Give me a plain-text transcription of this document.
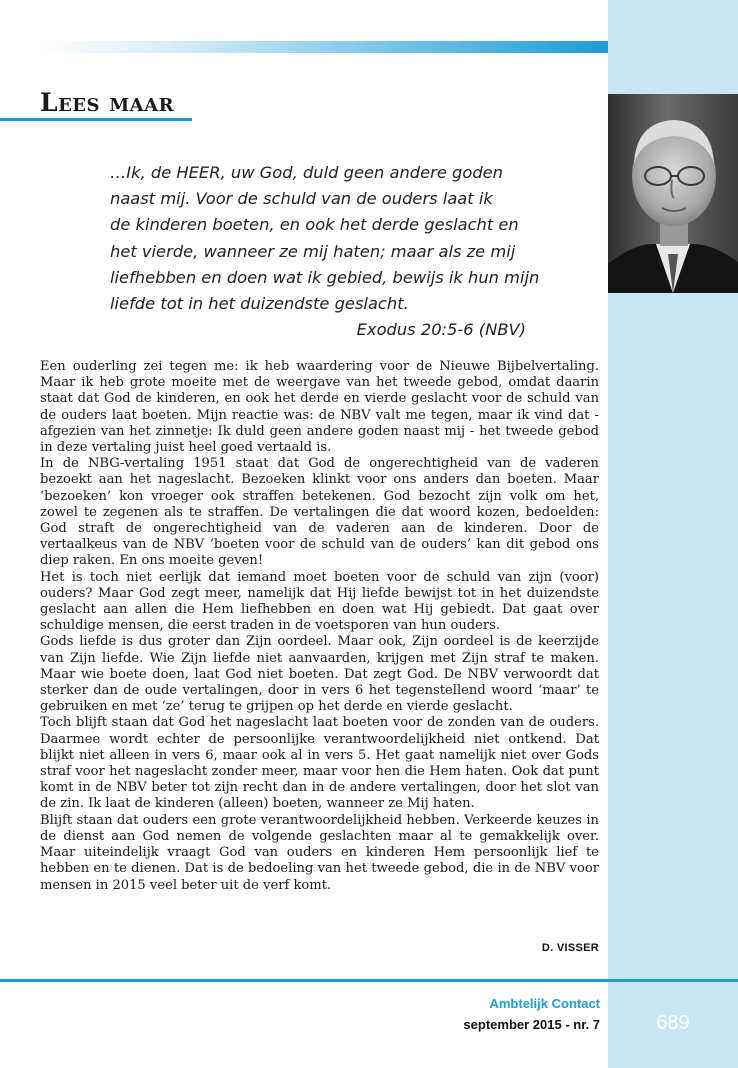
Lees maar

…Ik, de HEER, uw God, duld geen andere goden

naast mij. Voor de schuld van de ouders laat ik

de kinderen boeten, en ook het derde geslacht en

het vierde, wanneer ze mij haten; maar als ze mij

liefhebben en doen wat ik gebied, bewijs ik hun mijn

liefde tot in het duizendste geslacht.

Exodus 20:5-6 (NBV)

Een ouderling zei tegen me: ik heb waardering voor de Nieuwe Bijbelvertaling. Maar ik heb grote moeite met de weergave van het tweede gebod, omdat daarin staat dat God de kinderen, en ook het derde en vierde geslacht voor de schuld van de ouders laat boeten. Mijn reactie was: de NBV valt me tegen, maar ik vind dat - afgezien van het zinnetje: Ik duld geen andere goden naast mij - het tweede gebod in deze vertaling juist heel goed vertaald is.

In de NBG-vertaling 1951 staat dat God de ongerechtigheid van de vaderen bezoekt aan het nageslacht. Bezoeken klinkt voor ons anders dan boeten. Maar ‘bezoeken’ kon vroeger ook straffen betekenen. God bezocht zijn volk om het, zowel te zegenen als te straffen. De vertalingen die dat woord kozen, bedoelden: God straft de ongerechtigheid van de vaderen aan de kinderen. Door de vertaalkeus van de NBV ‘boeten voor de schuld van de ouders’ kan dit gebod ons diep raken. En ons moeite geven!

Het is toch niet eerlijk dat iemand moet boeten voor de schuld van zijn (voor) ouders? Maar God zegt meer, namelijk dat Hij liefde bewijst tot in het duizendste geslacht aan allen die Hem liefhebben en doen wat Hij gebiedt. Dat gaat over schuldige mensen, die eerst traden in de voetsporen van hun ouders.

Gods liefde is dus groter dan Zijn oordeel. Maar ook, Zijn oordeel is de keerzijde van Zijn liefde. Wie Zijn liefde niet aanvaarden, krijgen met Zijn straf te maken. Maar wie boete doen, laat God niet boeten. Dat zegt God. De NBV verwoordt dat sterker dan de oude vertalingen, door in vers 6 het tegenstellend woord ‘maar’ te gebruiken en met ‘ze’ terug te grijpen op het derde en vierde geslacht.

Toch blijft staan dat God het nageslacht laat boeten voor de zonden van de ouders. Daarmee wordt echter de persoonlijke verantwoordelijkheid niet ontkend. Dat blijkt niet alleen in vers 6, maar ook al in vers 5. Het gaat namelijk niet over Gods straf voor het nageslacht zonder meer, maar voor hen die Hem haten. Ook dat punt komt in de NBV beter tot zijn recht dan in de andere vertalingen, door het slot van de zin. Ik laat de kinderen (alleen) boeten, wanneer ze Mij haten.

Blijft staan dat ouders een grote verantwoordelijkheid hebben. Verkeerde keuzes in de dienst aan God nemen de volgende geslachten maar al te gemakkelijk over. Maar uiteindelijk vraagt God van ouders en kinderen Hem persoonlijk lief te hebben en te dienen. Dat is de bedoeling van het tweede gebod, die in de NBV voor mensen in 2015 veel beter uit de verf komt.

D. VISSER
Ambtelijk Contact
september 2015 - nr. 7	689
